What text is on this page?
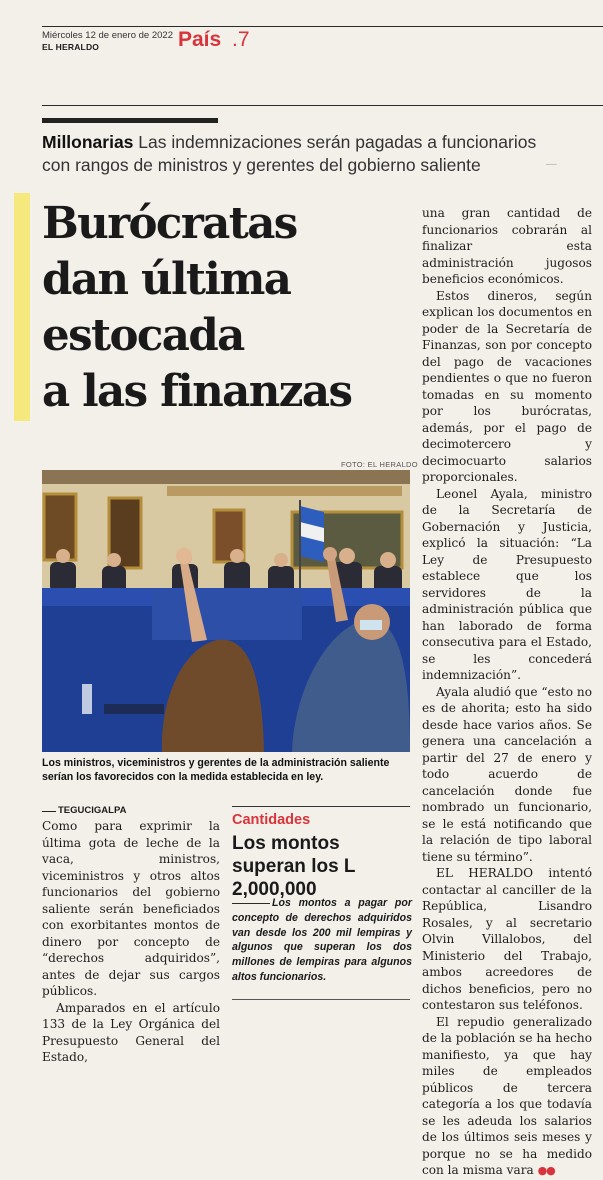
Miércoles 12 de enero de 2022
EL HERALDO	País .7
─
Millonarias Las indemnizaciones serán pagadas a funcionarios con rangos de ministros y gerentes del gobierno saliente
Burócratas
dan última
estocada
a las finanzas
FOTO: EL HERALDO
Los ministros, viceministros y gerentes de la administración saliente serían los favorecidos con la medida establecida en ley.

una gran cantidad de funcionarios cobrarán al finalizar esta administración jugosos beneficios económicos.

Estos dineros, según explican los documentos en poder de la Secretaría de Finanzas, son por concepto del pago de vacaciones pendientes o que no fueron tomadas en su momento por los burócratas, además, por el pago de decimotercero y decimocuarto salarios proporcionales.

Leonel Ayala, ministro de la Secretaría de Gobernación y Justicia, explicó la situación: “La Ley de Presupuesto establece que los servidores de la administración pública que han laborado de forma consecutiva para el Estado, se les concederá indemnización”.

Ayala aludió que “esto no es de ahorita; esto ha sido desde hace varios años. Se genera una cancelación a partir del 27 de enero y todo acuerdo de cancelación donde fue nombrado un funcionario, se le está notificando que la relación de tipo laboral tiene su término”.

EL HERALDO intentó contactar al canciller de la República, Lisandro Rosales, y al secretario Olvin Villalobos, del Ministerio del Trabajo, ambos acreedores de dichos beneficios, pero no contestaron sus teléfonos.

El repudio generalizado de la población se ha hecho manifiesto, ya que hay miles de empleados públicos de tercera categoría a los que todavía se les adeuda los salarios de los últimos seis meses y porque no se ha medido con la misma vara ●●

TEGUCIGALPA

Como para exprimir la última gota de leche de la vaca, ministros, viceministros y otros altos funcionarios del gobierno saliente serán beneficiados con exorbitantes montos de dinero por concepto de “derechos adquiridos”, antes de dejar sus cargos públicos.

Amparados en el artículo 133 de la Ley Orgánica del Presupuesto General del Estado,

Cantidades
Los montos superan los L 2,000,000
Los montos a pagar por concepto de derechos adquiridos van desde los 200 mil lempiras y algunos que superan los dos millones de lempiras para algunos altos funcionarios.
